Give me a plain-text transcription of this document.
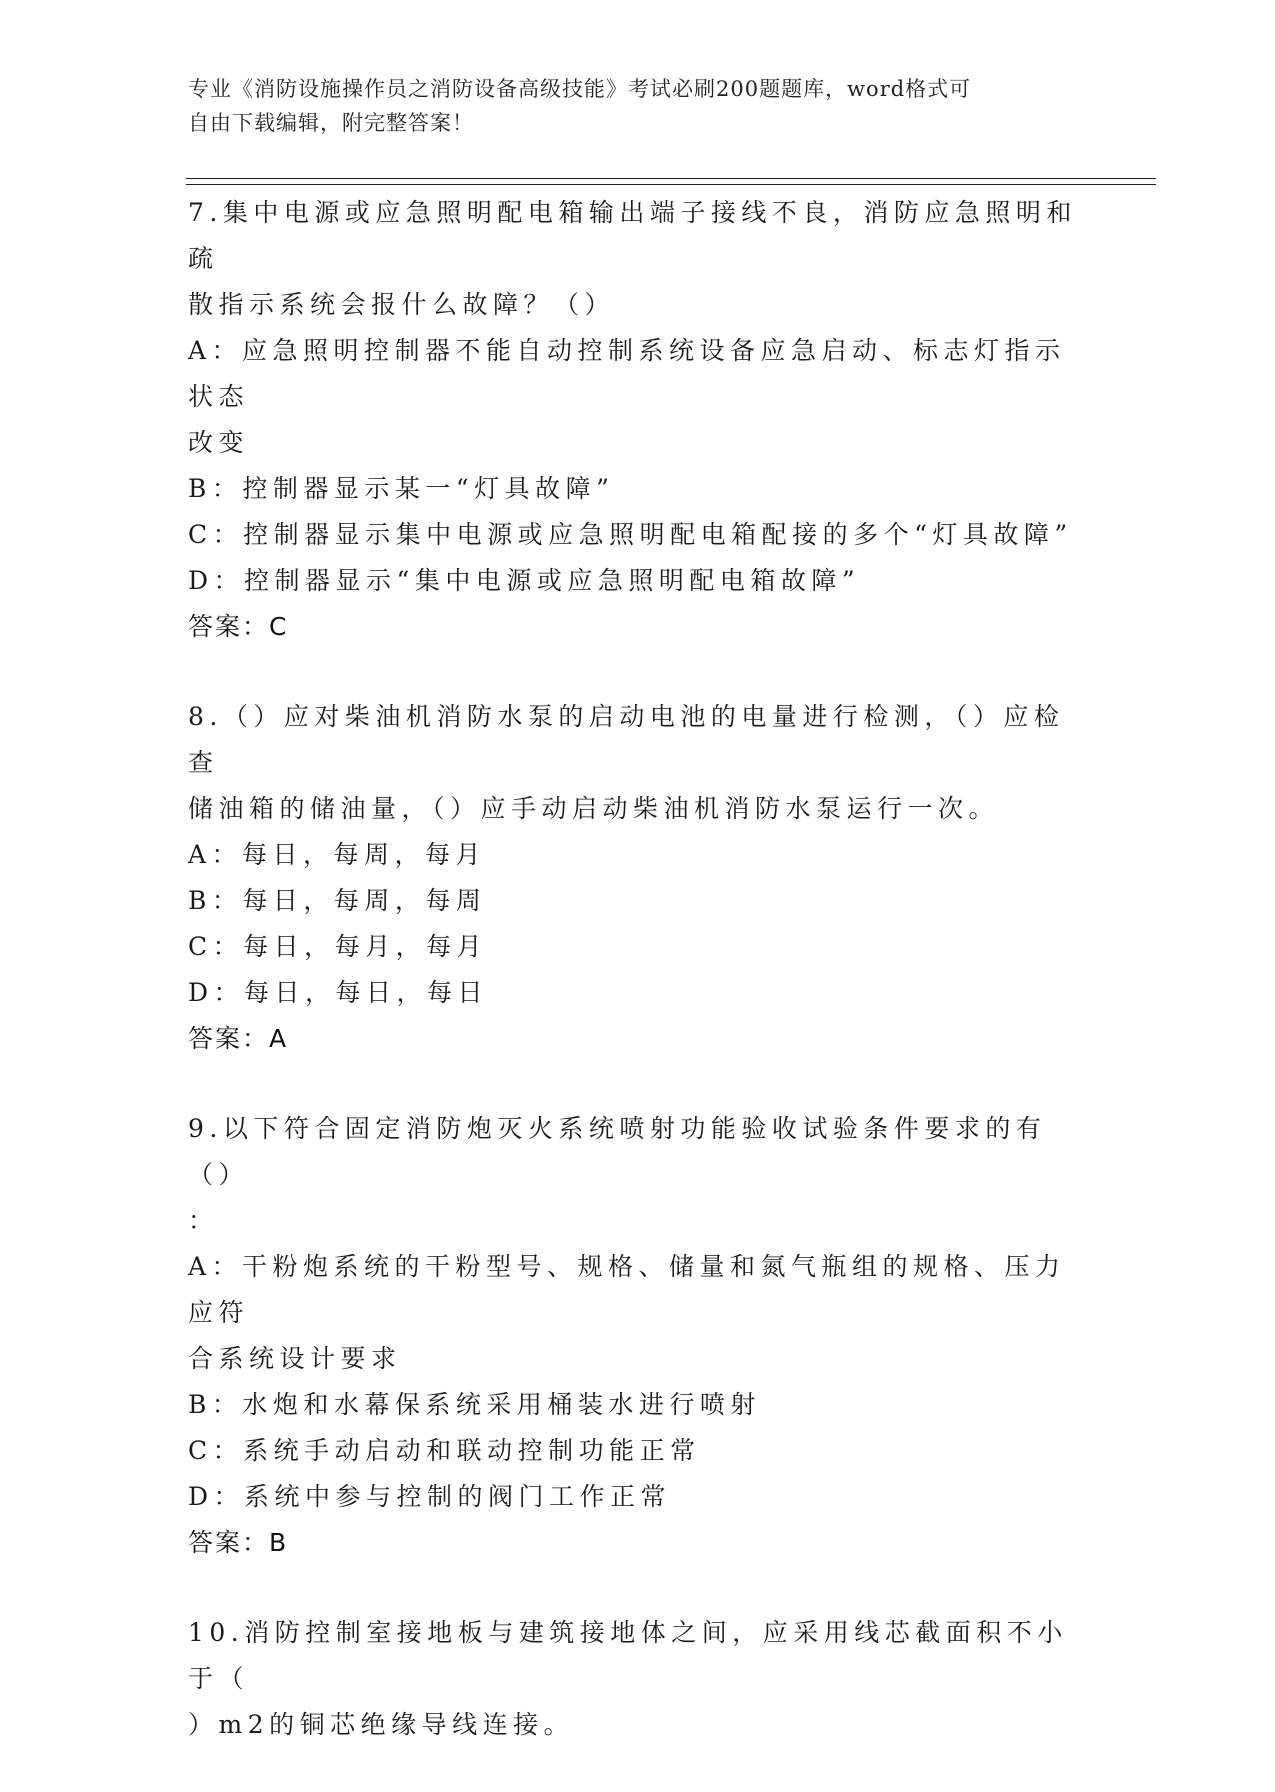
专业《消防设施操作员之消防设备高级技能》考试必刷200题题库，word格式可
自由下载编辑，附完整答案！
7.集中电源或应急照明配电箱输出端子接线不良，消防应急照明和疏
散指示系统会报什么故障？（）
A：应急照明控制器不能自动控制系统设备应急启动、标志灯指示状态
改变
B：控制器显示某一“灯具故障”
C：控制器显示集中电源或应急照明配电箱配接的多个“灯具故障”
D：控制器显示“集中电源或应急照明配电箱故障”
答案：C
8.（）应对柴油机消防水泵的启动电池的电量进行检测，（）应检查
储油箱的储油量，（）应手动启动柴油机消防水泵运行一次。
A：每日，每周，每月
B：每日，每周，每周
C：每日，每月，每月
D：每日，每日，每日
答案：A
9.以下符合固定消防炮灭火系统喷射功能验收试验条件要求的有（）
：
A：干粉炮系统的干粉型号、规格、储量和氮气瓶组的规格、压力应符
合系统设计要求
B：水炮和水幕保系统采用桶装水进行喷射
C：系统手动启动和联动控制功能正常
D：系统中参与控制的阀门工作正常
答案：B
10.消防控制室接地板与建筑接地体之间，应采用线芯截面积不小于（
）m2的铜芯绝缘导线连接。
